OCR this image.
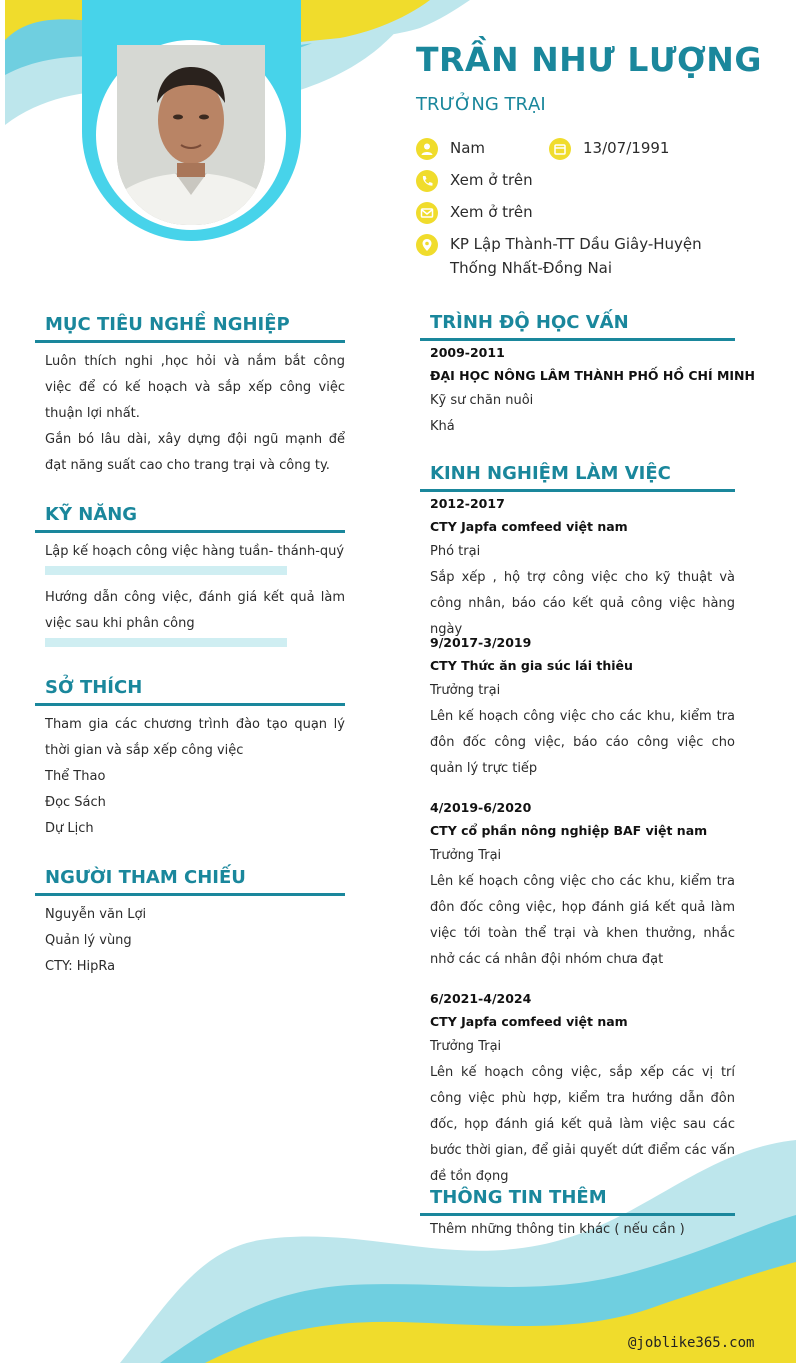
TRẦN NHƯ LƯỢNG
TRƯỞNG TRẠI
Nam	13/07/1991
Xem ở trên
Xem ở trên
KP Lập Thành-TT Dầu Giây-Huyện Thống Nhất-Đồng Nai
MỤC TIÊU NGHỀ NGHIỆP
Luôn thích nghi ,học hỏi và nắm bắt công việc để có kế hoạch và sắp xếp công việc thuận lợi nhất.
Gắn bó lâu dài, xây dựng đội ngũ mạnh để đạt năng suất cao cho trang trại và công ty.
KỸ NĂNG
Lập kế hoạch công việc hàng tuần- thánh-quý
Hướng dẫn công việc, đánh giá kết quả làm việc sau khi phân công
SỞ THÍCH
Tham gia các chương trình đào tạo quạn lý thời gian và sắp xếp công việc
Thể Thao
Đọc Sách
Dự Lịch
NGƯỜI THAM CHIẾU
Nguyễn văn Lợi
Quản lý vùng
CTY: HipRa
TRÌNH ĐỘ HỌC VẤN
2009-2011
ĐẠI HỌC NÔNG LÂM THÀNH PHỐ HỒ CHÍ MINH
Kỹ sư chăn nuôi
Khá
KINH NGHIỆM LÀM VIỆC
2012-2017
CTY Japfa comfeed việt nam
Phó trại
Sắp xếp , hộ trợ công việc cho kỹ thuật và công nhân, báo cáo kết quả công việc hàng ngày
9/2017-3/2019
CTY Thức ăn gia súc lái thiêu
Trưởng trại
Lên kế hoạch công việc cho các khu, kiểm tra đôn đốc công việc, báo cáo công việc cho quản lý trực tiếp
4/2019-6/2020
CTY cổ phần nông nghiệp BAF việt nam
Trưởng Trại
Lên kế hoạch công việc cho các khu, kiểm tra đôn đốc công việc, họp đánh giá kết quả làm việc tới toàn thể trại và khen thưởng, nhắc nhở các cá nhân đội nhóm chưa đạt
6/2021-4/2024
CTY Japfa comfeed việt nam
Trưởng Trại
Lên kế hoạch công việc, sắp xếp các vị trí công việc phù hợp, kiểm tra hướng dẫn đôn đốc, họp đánh giá kết quả làm việc sau các bước thời gian, để giải quyết dứt điểm các vấn đề tồn đọng
THÔNG TIN THÊM
Thêm những thông tin khác ( nếu cần )
@joblike365.com
